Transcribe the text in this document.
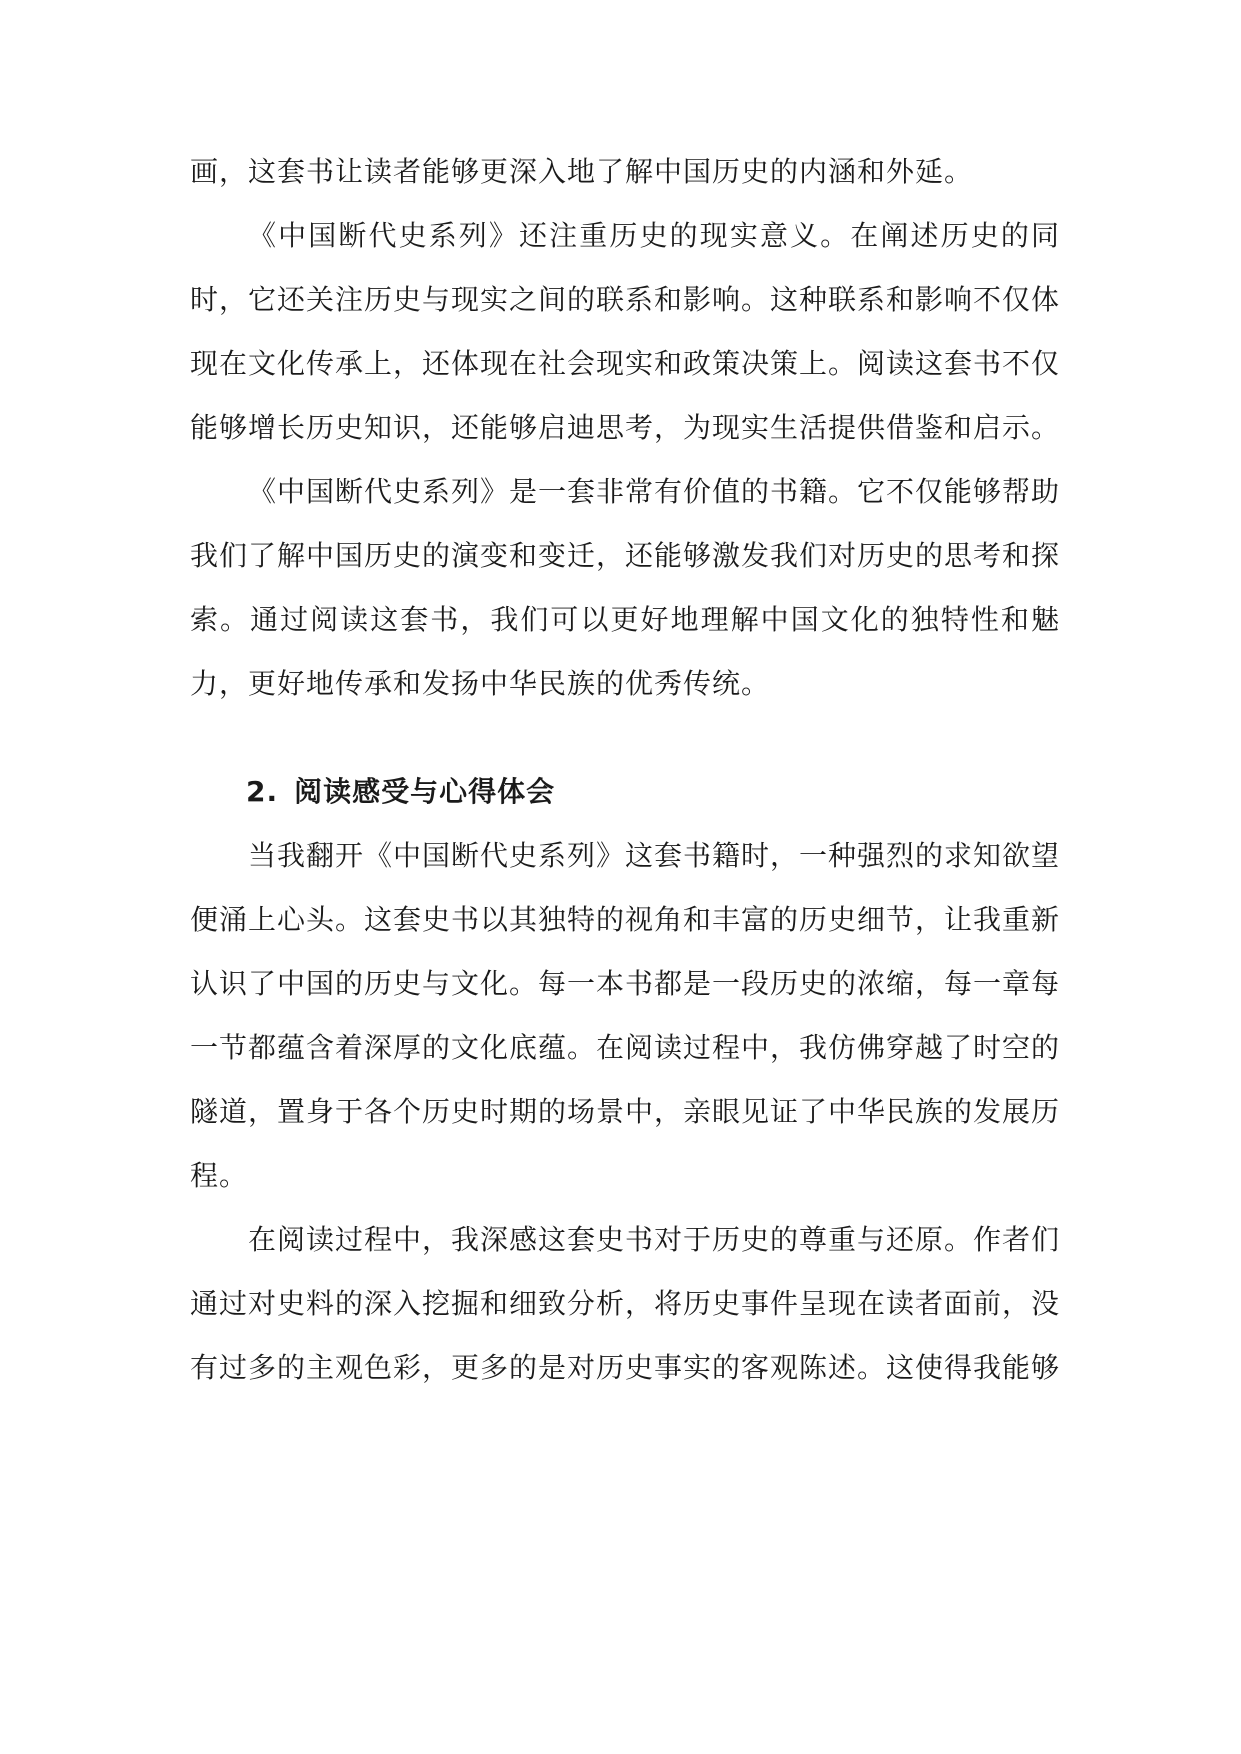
画，这套书让读者能够更深入地了解中国历史的内涵和外延。

《中国断代史系列》还注重历史的现实意义。在阐述历史的同时，它还关注历史与现实之间的联系和影响。这种联系和影响不仅体现在文化传承上，还体现在社会现实和政策决策上。阅读这套书不仅能够增长历史知识，还能够启迪思考，为现实生活提供借鉴和启示。

《中国断代史系列》是一套非常有价值的书籍。它不仅能够帮助我们了解中国历史的演变和变迁，还能够激发我们对历史的思考和探索。通过阅读这套书，我们可以更好地理解中国文化的独特性和魅力，更好地传承和发扬中华民族的优秀传统。

2. 阅读感受与心得体会

当我翻开《中国断代史系列》这套书籍时，一种强烈的求知欲望便涌上心头。这套史书以其独特的视角和丰富的历史细节，让我重新认识了中国的历史与文化。每一本书都是一段历史的浓缩，每一章每一节都蕴含着深厚的文化底蕴。在阅读过程中，我仿佛穿越了时空的隧道，置身于各个历史时期的场景中，亲眼见证了中华民族的发展历程。

在阅读过程中，我深感这套史书对于历史的尊重与还原。作者们通过对史料的深入挖掘和细致分析，将历史事件呈现在读者面前，没有过多的主观色彩，更多的是对历史事实的客观陈述。这使得我能够
